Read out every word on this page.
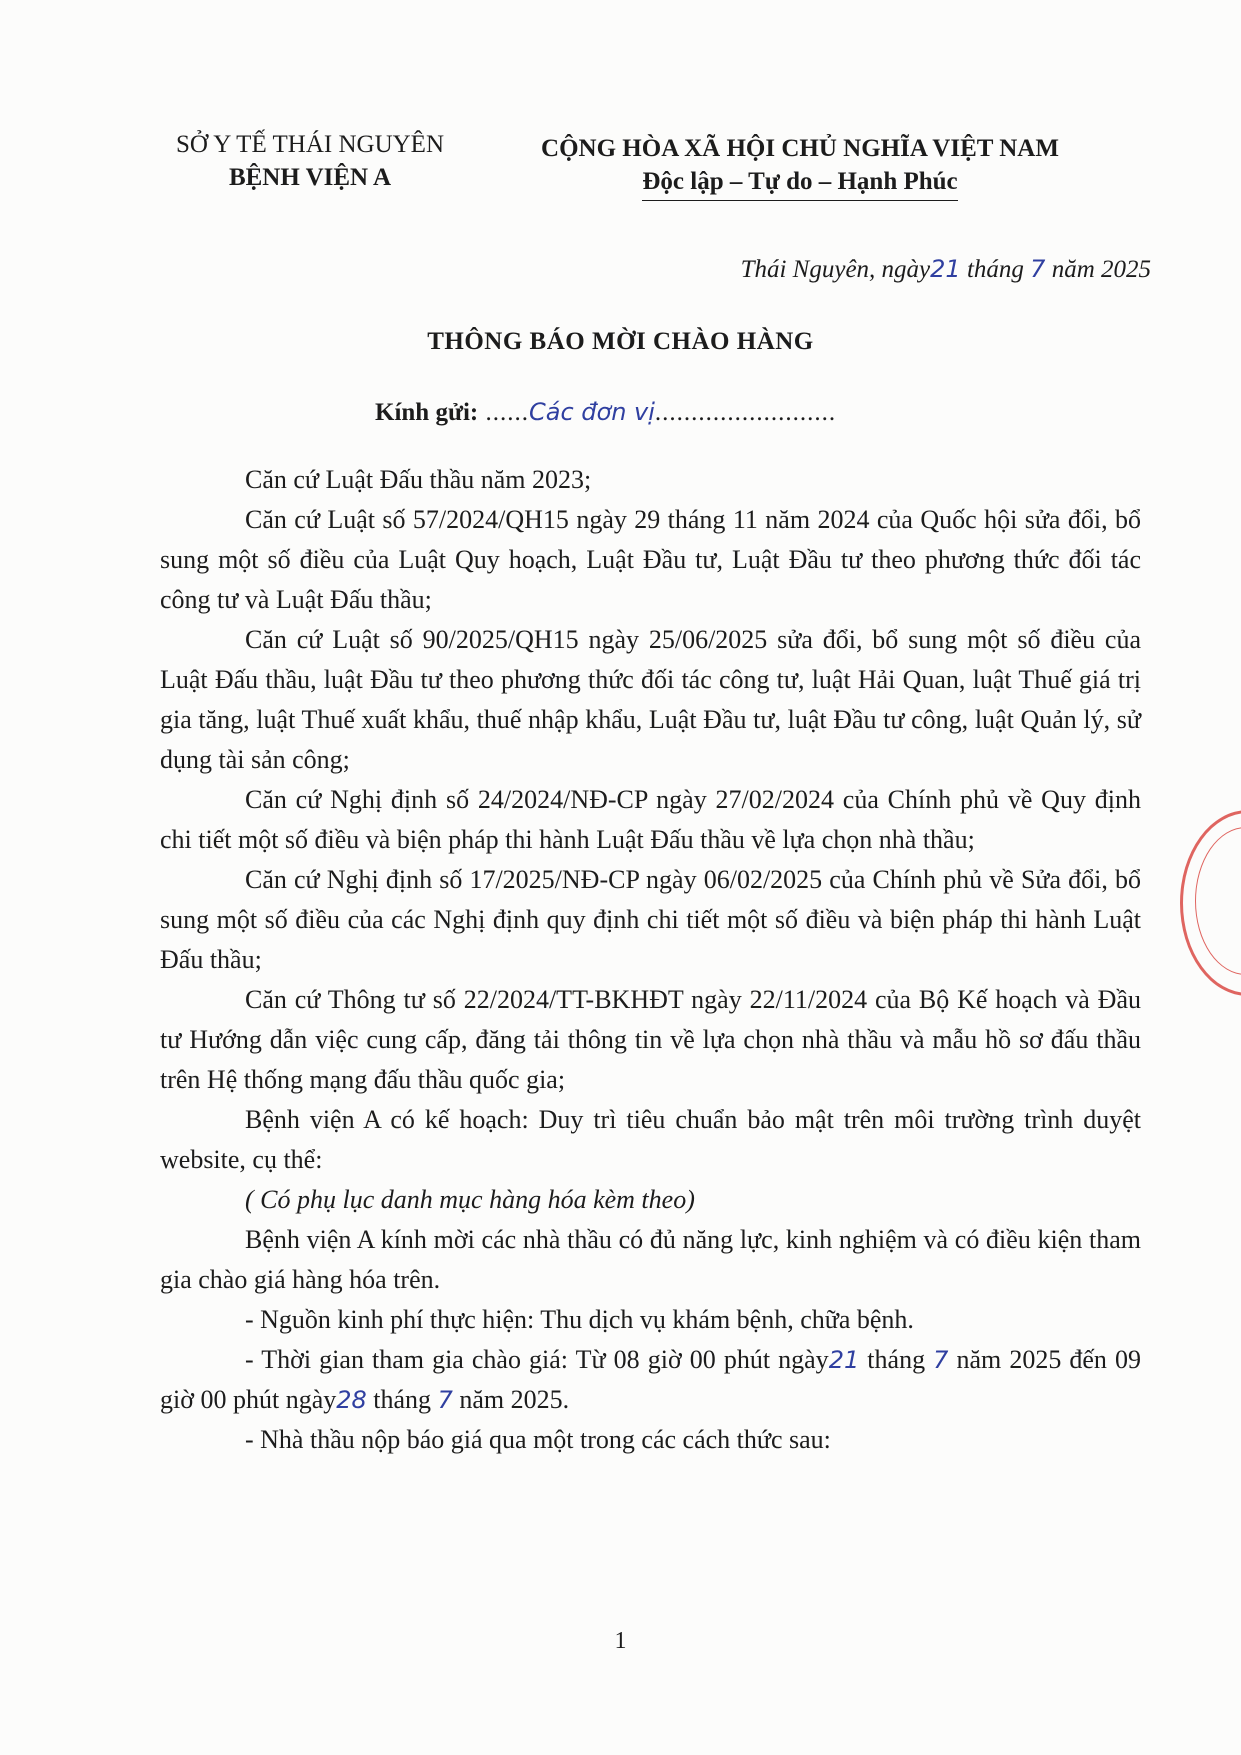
SỞ Y TẾ THÁI NGUYÊN
BỆNH VIỆN A
CỘNG HÒA XÃ HỘI CHỦ NGHĨA VIỆT NAM
Độc lập – Tự do – Hạnh Phúc
Thái Nguyên, ngày21 tháng 7 năm 2025
THÔNG BÁO MỜI CHÀO HÀNG
Kính gửi: ......Các đơn vị.........................

Căn cứ Luật Đấu thầu năm 2023;

Căn cứ Luật số 57/2024/QH15 ngày 29 tháng 11 năm 2024 của Quốc hội sửa đổi, bổ sung một số điều của Luật Quy hoạch, Luật Đầu tư, Luật Đầu tư theo phương thức đối tác công tư và Luật Đấu thầu;

Căn cứ Luật số 90/2025/QH15 ngày 25/06/2025 sửa đổi, bổ sung một số điều của Luật Đấu thầu, luật Đầu tư theo phương thức đối tác công tư, luật Hải Quan, luật Thuế giá trị gia tăng, luật Thuế xuất khẩu, thuế nhập khẩu, Luật Đầu tư, luật Đầu tư công, luật Quản lý, sử dụng tài sản công;

Căn cứ Nghị định số 24/2024/NĐ-CP ngày 27/02/2024 của Chính phủ về Quy định chi tiết một số điều và biện pháp thi hành Luật Đấu thầu về lựa chọn nhà thầu;

Căn cứ Nghị định số 17/2025/NĐ-CP ngày 06/02/2025 của Chính phủ về Sửa đổi, bổ sung một số điều của các Nghị định quy định chi tiết một số điều và biện pháp thi hành Luật Đấu thầu;

Căn cứ Thông tư số 22/2024/TT-BKHĐT ngày 22/11/2024 của Bộ Kế hoạch và Đầu tư Hướng dẫn việc cung cấp, đăng tải thông tin về lựa chọn nhà thầu và mẫu hồ sơ đấu thầu trên Hệ thống mạng đấu thầu quốc gia;

Bệnh viện A có kế hoạch: Duy trì tiêu chuẩn bảo mật trên môi trường trình duyệt website, cụ thể:

( Có phụ lục danh mục hàng hóa kèm theo)

Bệnh viện A kính mời các nhà thầu có đủ năng lực, kinh nghiệm và có điều kiện tham gia chào giá hàng hóa trên.

- Nguồn kinh phí thực hiện: Thu dịch vụ khám bệnh, chữa bệnh.

- Thời gian tham gia chào giá: Từ 08 giờ 00 phút ngày21 tháng 7 năm 2025 đến 09 giờ 00 phút ngày28 tháng 7 năm 2025.

- Nhà thầu nộp báo giá qua một trong các cách thức sau:

1
